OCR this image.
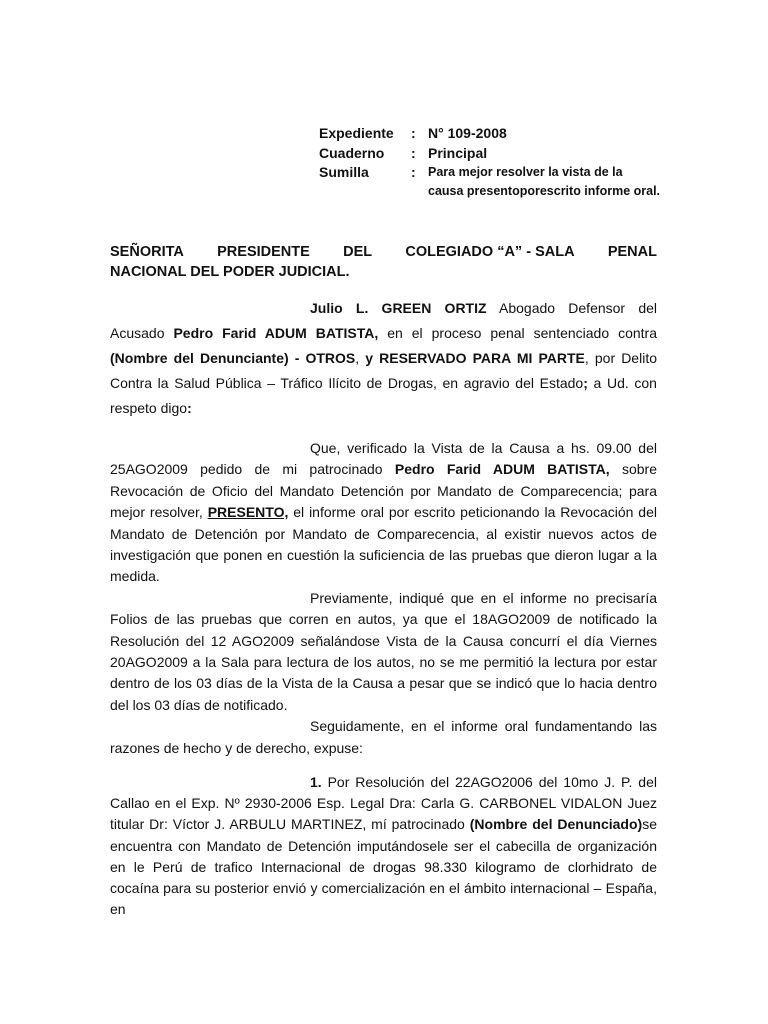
Expediente	: N° 109-2008
Cuaderno	: Principal
Sumilla	: Para mejor resolver la vista de la causa presentoporescrito informe oral.
SEÑORITA PRESIDENTE DEL COLEGIADO “A” - SALA PENAL
NACIONAL DEL PODER JUDICIAL.

Julio L. GREEN ORTIZ Abogado Defensor del Acusado Pedro Farid ADUM BATISTA, en el proceso penal sentenciado contra (Nombre del Denunciante) - OTROS, y RESERVADO PARA MI PARTE, por Delito Contra la Salud Pública – Tráfico Ilícito de Drogas, en agravio del Estado; a Ud. con respeto digo:

Que, verificado la Vista de la Causa a hs. 09.00 del 25AGO2009 pedido de mi patrocinado Pedro Farid ADUM BATISTA, sobre Revocación de Oficio del Mandato Detención por Mandato de Comparecencia; para mejor resolver, PRESENTO, el informe oral por escrito peticionando la Revocación del Mandato de Detención por Mandato de Comparecencia, al existir nuevos actos de investigación que ponen en cuestión la suficiencia de las pruebas que dieron lugar a la medida.

Previamente, indiqué que en el informe no precisaría Folios de las pruebas que corren en autos, ya que el 18AGO2009 de notificado la Resolución del 12 AGO2009 señalándose Vista de la Causa concurrí el día Viernes 20AGO2009 a la Sala para lectura de los autos, no se me permitió la lectura por estar dentro de los 03 días de la Vista de la Causa a pesar que se indicó que lo hacia dentro del los 03 días de notificado.

Seguidamente, en el informe oral fundamentando las razones de hecho y de derecho, expuse:

1. Por Resolución del 22AGO2006 del 10mo J. P. del Callao en el Exp. Nº 2930-2006 Esp. Legal Dra: Carla G. CARBONEL VIDALON Juez titular Dr: Víctor J. ARBULU MARTINEZ, mí patrocinado (Nombre del Denunciado)se encuentra con Mandato de Detención imputándosele ser el cabecilla de organización en le Perú de trafico Internacional de drogas 98.330 kilogramo de clorhidrato de cocaína para su posterior envió y comercialización en el ámbito internacional – España, en
